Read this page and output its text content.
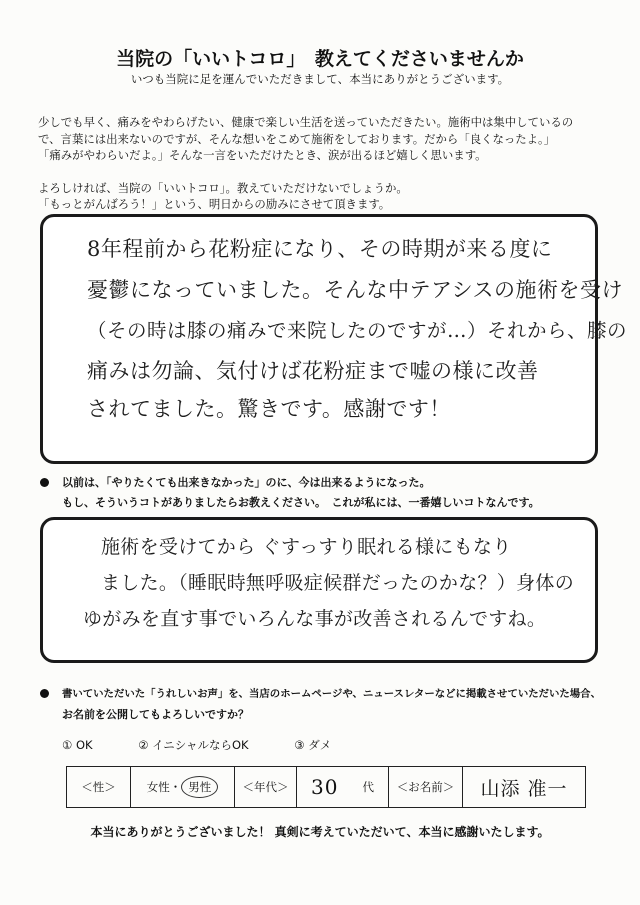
当院の「いいトコロ」　教えてくださいませんか
いつも当院に足を運んでいただきまして、本当にありがとうございます。

少しでも早く、痛みをやわらげたい、健康で楽しい生活を送っていただきたい。施術中は集中しているの

で、言葉には出来ないのですが、そんな想いをこめて施術をしております。だから「良くなったよ。」

「痛みがやわらいだよ。」そんな一言をいただけたとき、涙が出るほど嬉しく思います。

よろしければ、当院の「いいトコロ」。教えていただけないでしょうか。

「もっとがんばろう！」という、明日からの励みにさせて頂きます。

8年程前から花粉症になり、その時期が来る度に
憂鬱になっていました。そんな中テアシスの施術を受け
（その時は膝の痛みで来院したのですが…）それから、膝の
痛みは勿論、気付けば花粉症まで嘘の様に改善
されてました。驚きです。感謝です！
以前は、「やりたくても出来きなかった」のに、今は出来るようになった。
もし、そういうコトがありましたらお教えください。　これが私には、一番嬉しいコトなんです。
施術を受けてから ぐすっすり眠れる様にもなり
ました。（睡眠時無呼吸症候群だったのかな？）身体の
ゆがみを直す事でいろんな事が改善されるんですね。
書いていただいた「うれしいお声」を、当店のホームページや、ニュースレターなどに掲載させていただいた場合、
お名前を公開してもよろしいですか？
① OK	② イニシャルならOK	③ ダメ
＜性＞	女性 ・ 男性	＜年代＞	30 代	＜お名前＞	山添 准一
本当にありがとうございました！ 真剣に考えていただいて、本当に感謝いたします。
